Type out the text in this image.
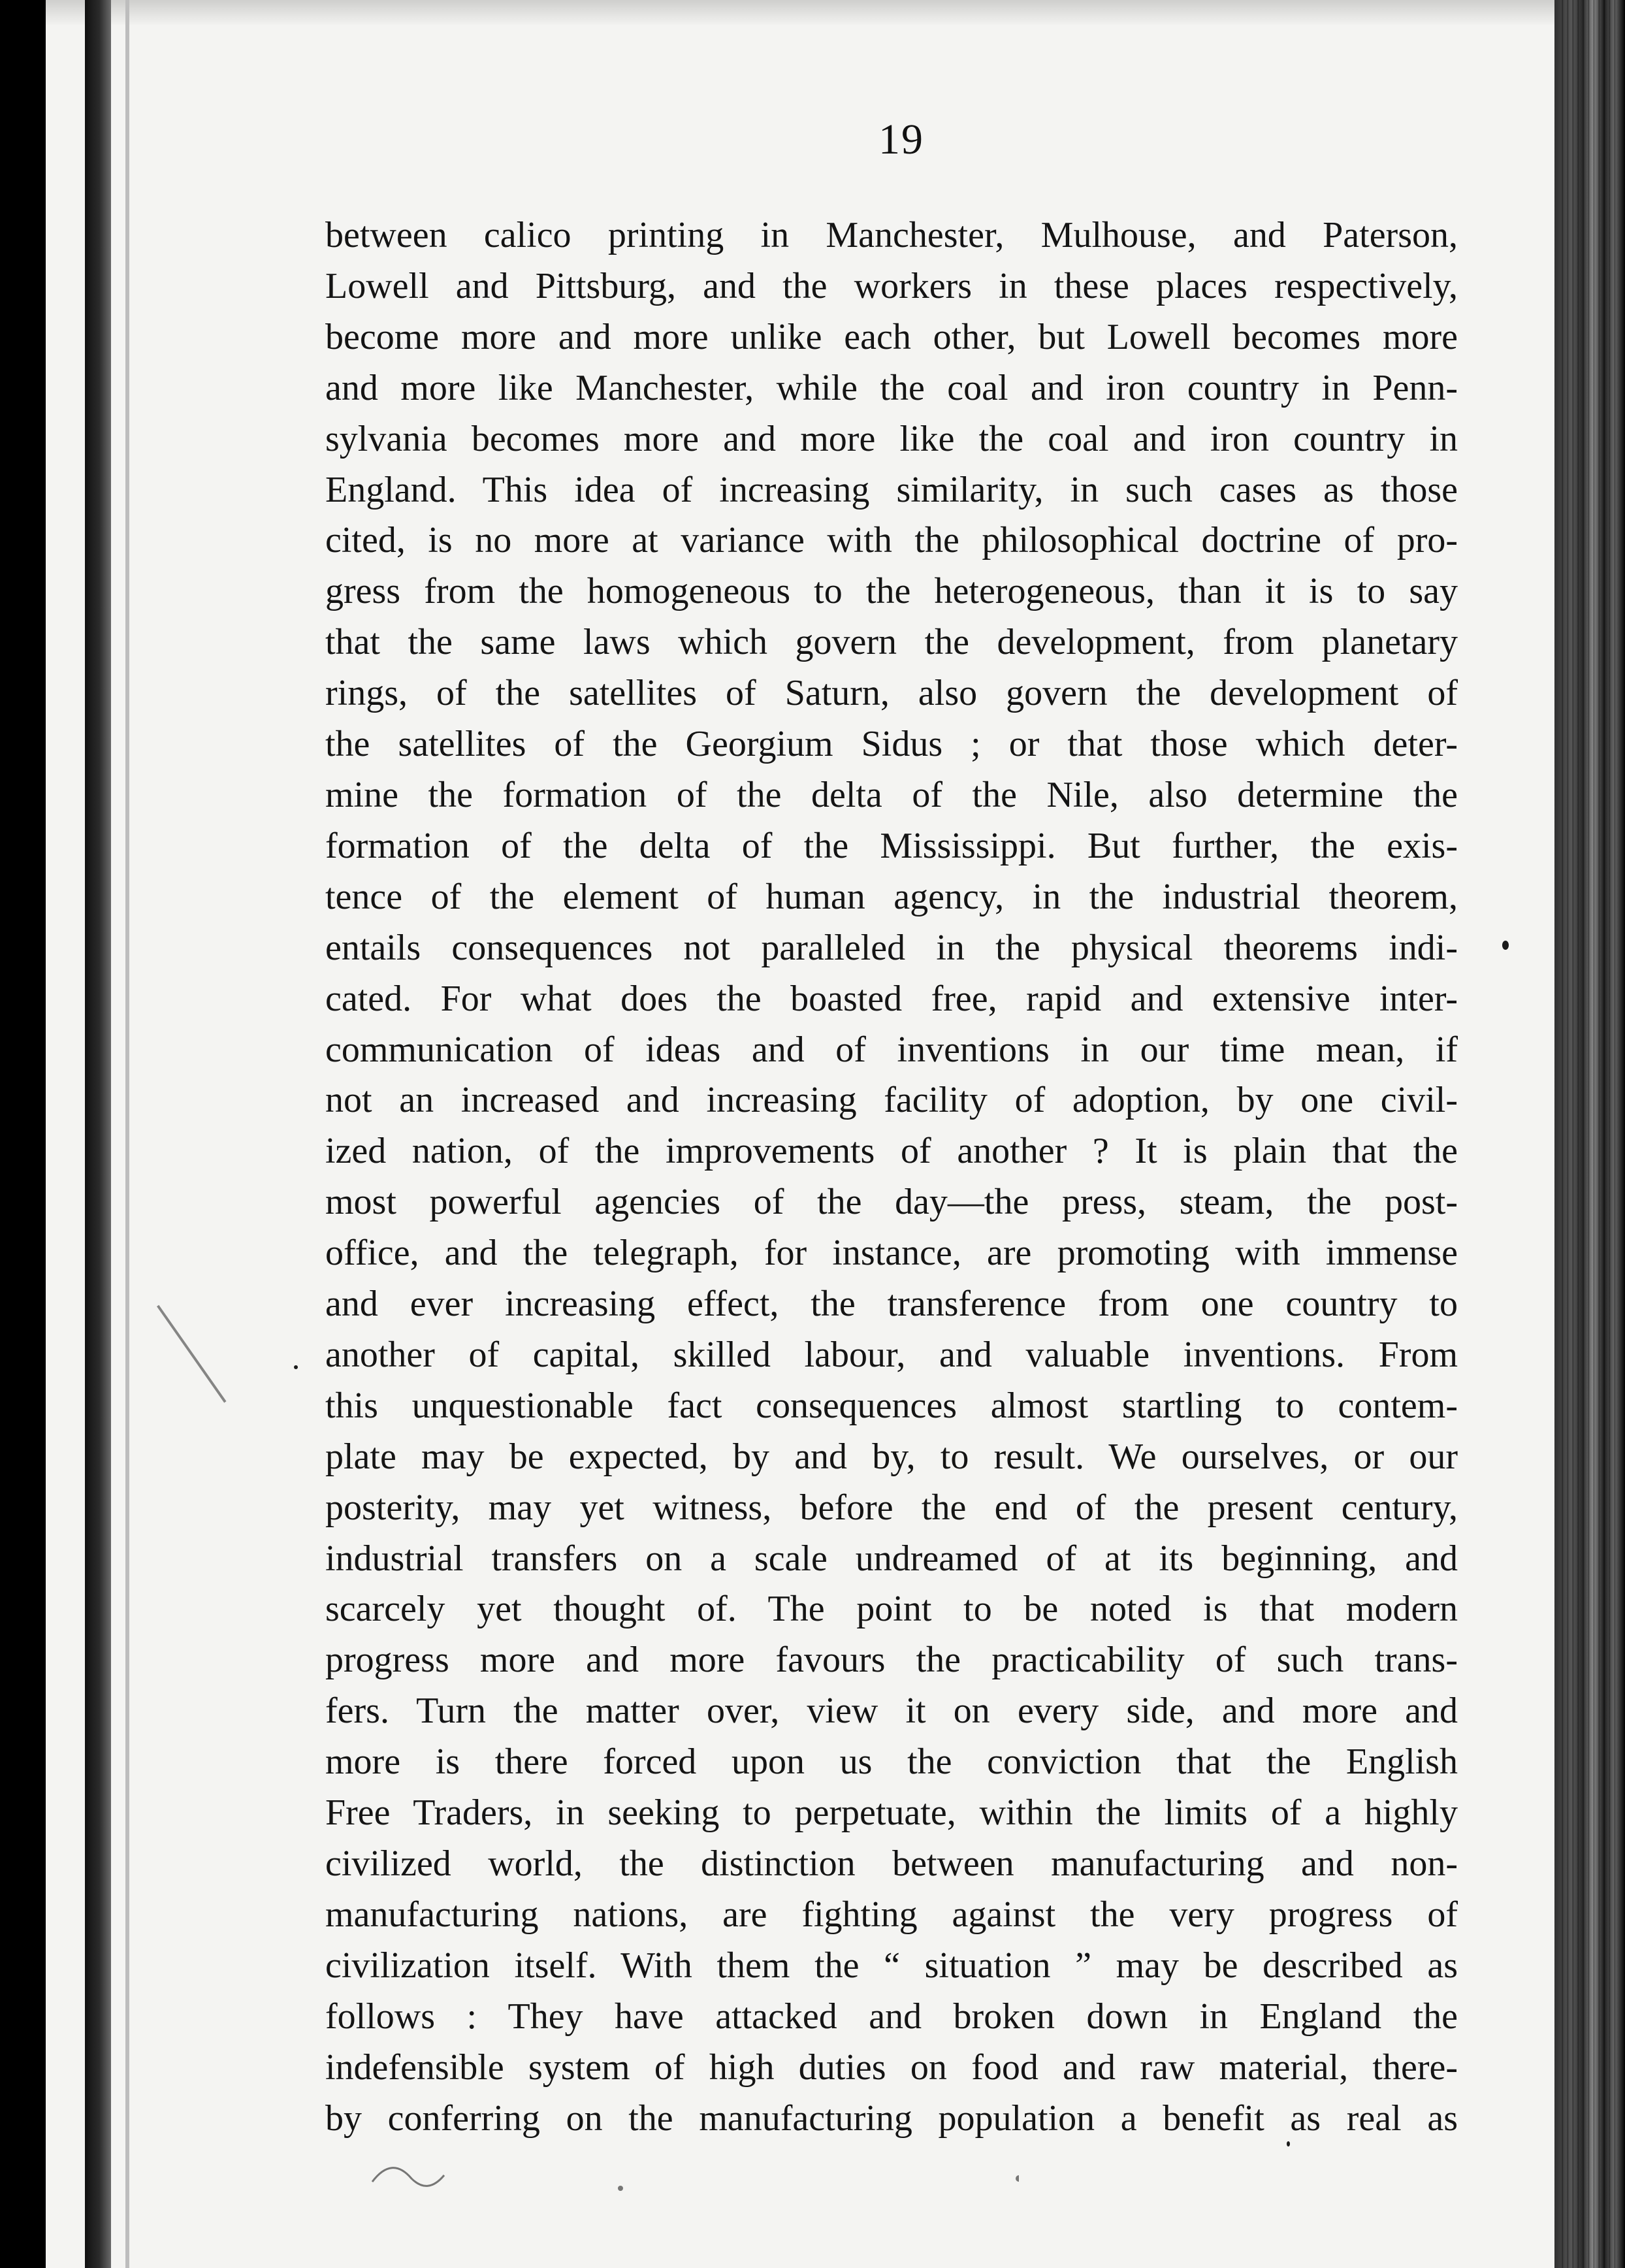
19
between calico printing in Manchester, Mulhouse, and Paterson,
Lowell and Pittsburg, and the workers in these places respectively,
become more and more unlike each other, but Lowell becomes more
and more like Manchester, while the coal and iron country in Penn-
sylvania becomes more and more like the coal and iron country in
England. This idea of increasing similarity, in such cases as those
cited, is no more at variance with the philosophical doctrine of pro-
gress from the homogeneous to the heterogeneous, than it is to say
that the same laws which govern the development, from planetary
rings, of the satellites of Saturn, also govern the development of
the satellites of the Georgium Sidus ; or that those which deter-
mine the formation of the delta of the Nile, also determine the
formation of the delta of the Mississippi. But further, the exis-
tence of the element of human agency, in the industrial theorem,
entails consequences not paralleled in the physical theorems indi-
cated. For what does the boasted free, rapid and extensive inter-
communication of ideas and of inventions in our time mean, if
not an increased and increasing facility of adoption, by one civil-
ized nation, of the improvements of another ? It is plain that the
most powerful agencies of the day—the press, steam, the post-
office, and the telegraph, for instance, are promoting with immense
and ever increasing effect, the transference from one country to
another of capital, skilled labour, and valuable inventions. From
this unquestionable fact consequences almost startling to contem-
plate may be expected, by and by, to result. We ourselves, or our
posterity, may yet witness, before the end of the present century,
industrial transfers on a scale undreamed of at its beginning, and
scarcely yet thought of. The point to be noted is that modern
progress more and more favours the practicability of such trans-
fers. Turn the matter over, view it on every side, and more and
more is there forced upon us the conviction that the English
Free Traders, in seeking to perpetuate, within the limits of a highly
civilized world, the distinction between manufacturing and non-
manufacturing nations, are fighting against the very progress of
civilization itself. With them the “ situation ” may be described as
follows : They have attacked and broken down in England the
indefensible system of high duties on food and raw material, there-
by conferring on the manufacturing population a benefit as real as
